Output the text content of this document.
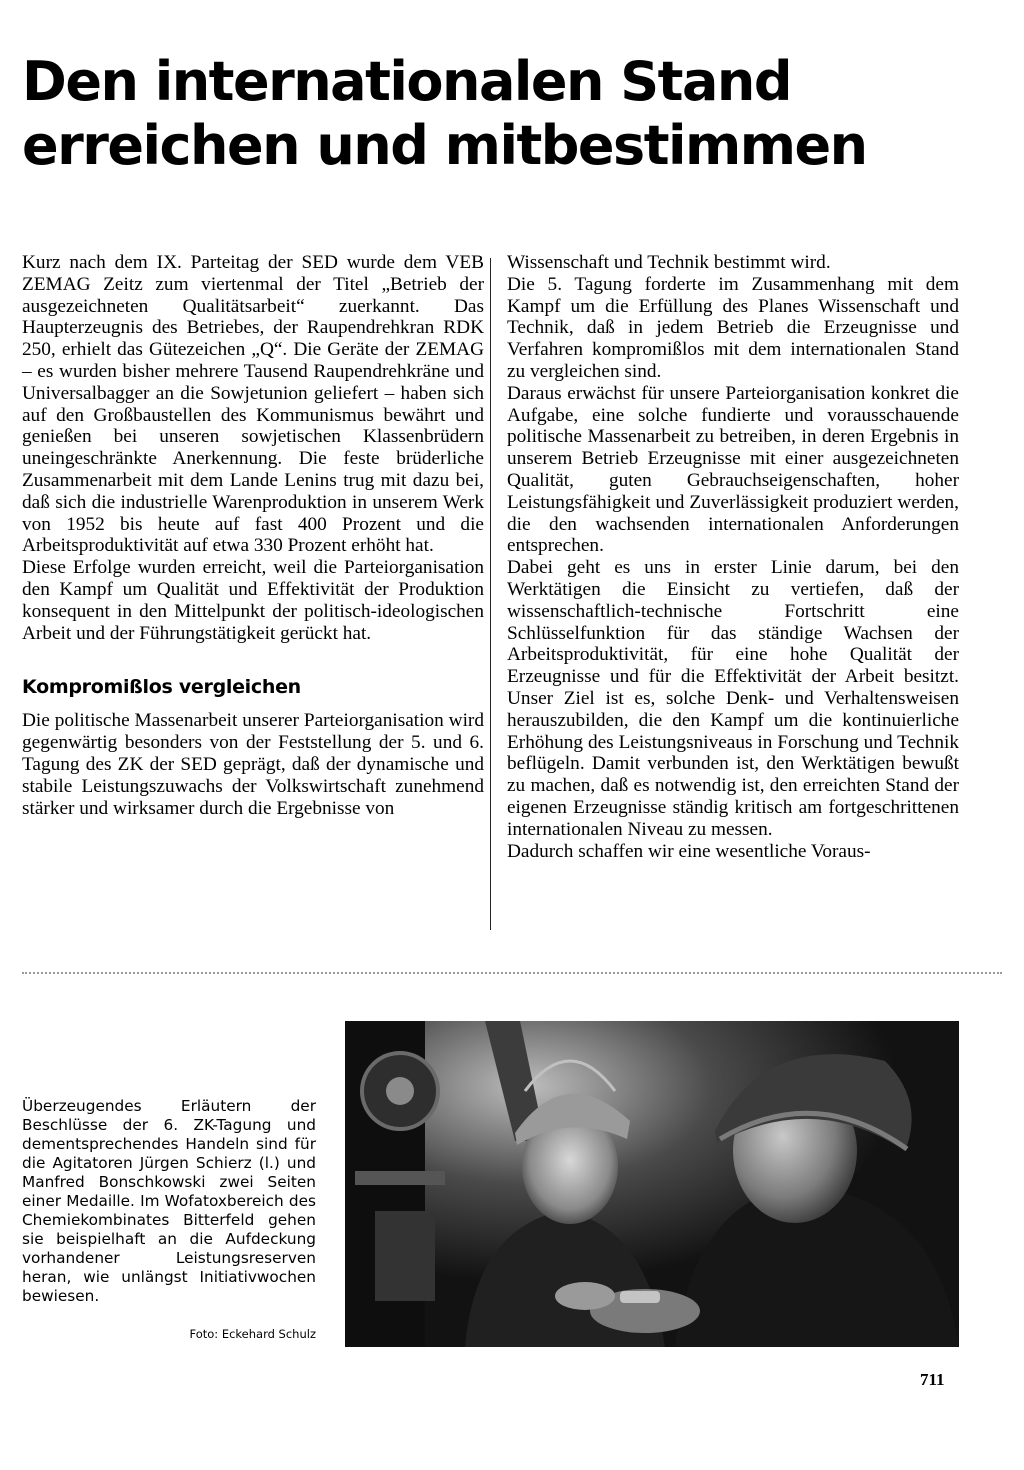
Den internationalen Stand
erreichen und mitbestimmen

Kurz nach dem IX. Parteitag der SED wurde dem VEB ZEMAG Zeitz zum viertenmal der Titel „Betrieb der ausgezeichneten Qualitätsarbeit“ zuerkannt. Das Haupterzeugnis des Betriebes, der Raupendrehkran RDK 250, erhielt das Gütezeichen „Q“. Die Geräte der ZEMAG – es wurden bisher mehrere Tausend Raupendrehkräne und Universalbagger an die Sowjetunion geliefert – haben sich auf den Großbaustellen des Kommunismus bewährt und genießen bei unseren sowjetischen Klassenbrüdern uneingeschränkte Anerkennung. Die feste brüderliche Zusammenarbeit mit dem Lande Lenins trug mit dazu bei, daß sich die industrielle Warenproduktion in unserem Werk von 1952 bis heute auf fast 400 Prozent und die Arbeitsproduktivität auf etwa 330 Prozent erhöht hat.

Diese Erfolge wurden erreicht, weil die Parteiorganisation den Kampf um Qualität und Effektivität der Produktion konsequent in den Mittelpunkt der politisch-ideologischen Arbeit und der Führungstätigkeit gerückt hat.

Kompromißlos vergleichen

Die politische Massenarbeit unserer Parteiorganisation wird gegenwärtig besonders von der Feststellung der 5. und 6. Tagung des ZK der SED geprägt, daß der dynamische und stabile Leistungszuwachs der Volkswirtschaft zunehmend stärker und wirksamer durch die Ergebnisse von

Wissenschaft und Technik bestimmt wird.

Die 5. Tagung forderte im Zusammenhang mit dem Kampf um die Erfüllung des Planes Wissenschaft und Technik, daß in jedem Betrieb die Erzeugnisse und Verfahren kompromißlos mit dem internationalen Stand zu vergleichen sind.

Daraus erwächst für unsere Parteiorganisation konkret die Aufgabe, eine solche fundierte und vorausschauende politische Massenarbeit zu betreiben, in deren Ergebnis in unserem Betrieb Erzeugnisse mit einer ausgezeichneten Qualität, guten Gebrauchseigenschaften, hoher Leistungsfähigkeit und Zuverlässigkeit produziert werden, die den wachsenden internationalen Anforderungen entsprechen.

Dabei geht es uns in erster Linie darum, bei den Werktätigen die Einsicht zu vertiefen, daß der wissenschaftlich-technische Fortschritt eine Schlüsselfunktion für das ständige Wachsen der Arbeitsproduktivität, für eine hohe Qualität der Erzeugnisse und für die Effektivität der Arbeit besitzt. Unser Ziel ist es, solche Denk- und Verhaltensweisen herauszubilden, die den Kampf um die kontinuierliche Erhöhung des Leistungsniveaus in Forschung und Technik beflügeln. Damit verbunden ist, den Werktätigen bewußt zu machen, daß es notwendig ist, den erreichten Stand der eigenen Erzeugnisse ständig kritisch am fortgeschrittenen internationalen Niveau zu messen.

Dadurch schaffen wir eine wesentliche Voraus-

Überzeugendes Erläutern der Beschlüsse der 6. ZK-Tagung und dementsprechendes Handeln sind für die Agitatoren Jürgen Schierz (l.) und Manfred Bonschkowski zwei Seiten einer Medaille. Im Wofatoxbereich des Chemiekombinates Bitterfeld gehen sie beispielhaft an die Aufdeckung vorhandener Leistungsreserven heran, wie unlängst Initiativwochen bewiesen.

Foto: Eckehard Schulz
711
